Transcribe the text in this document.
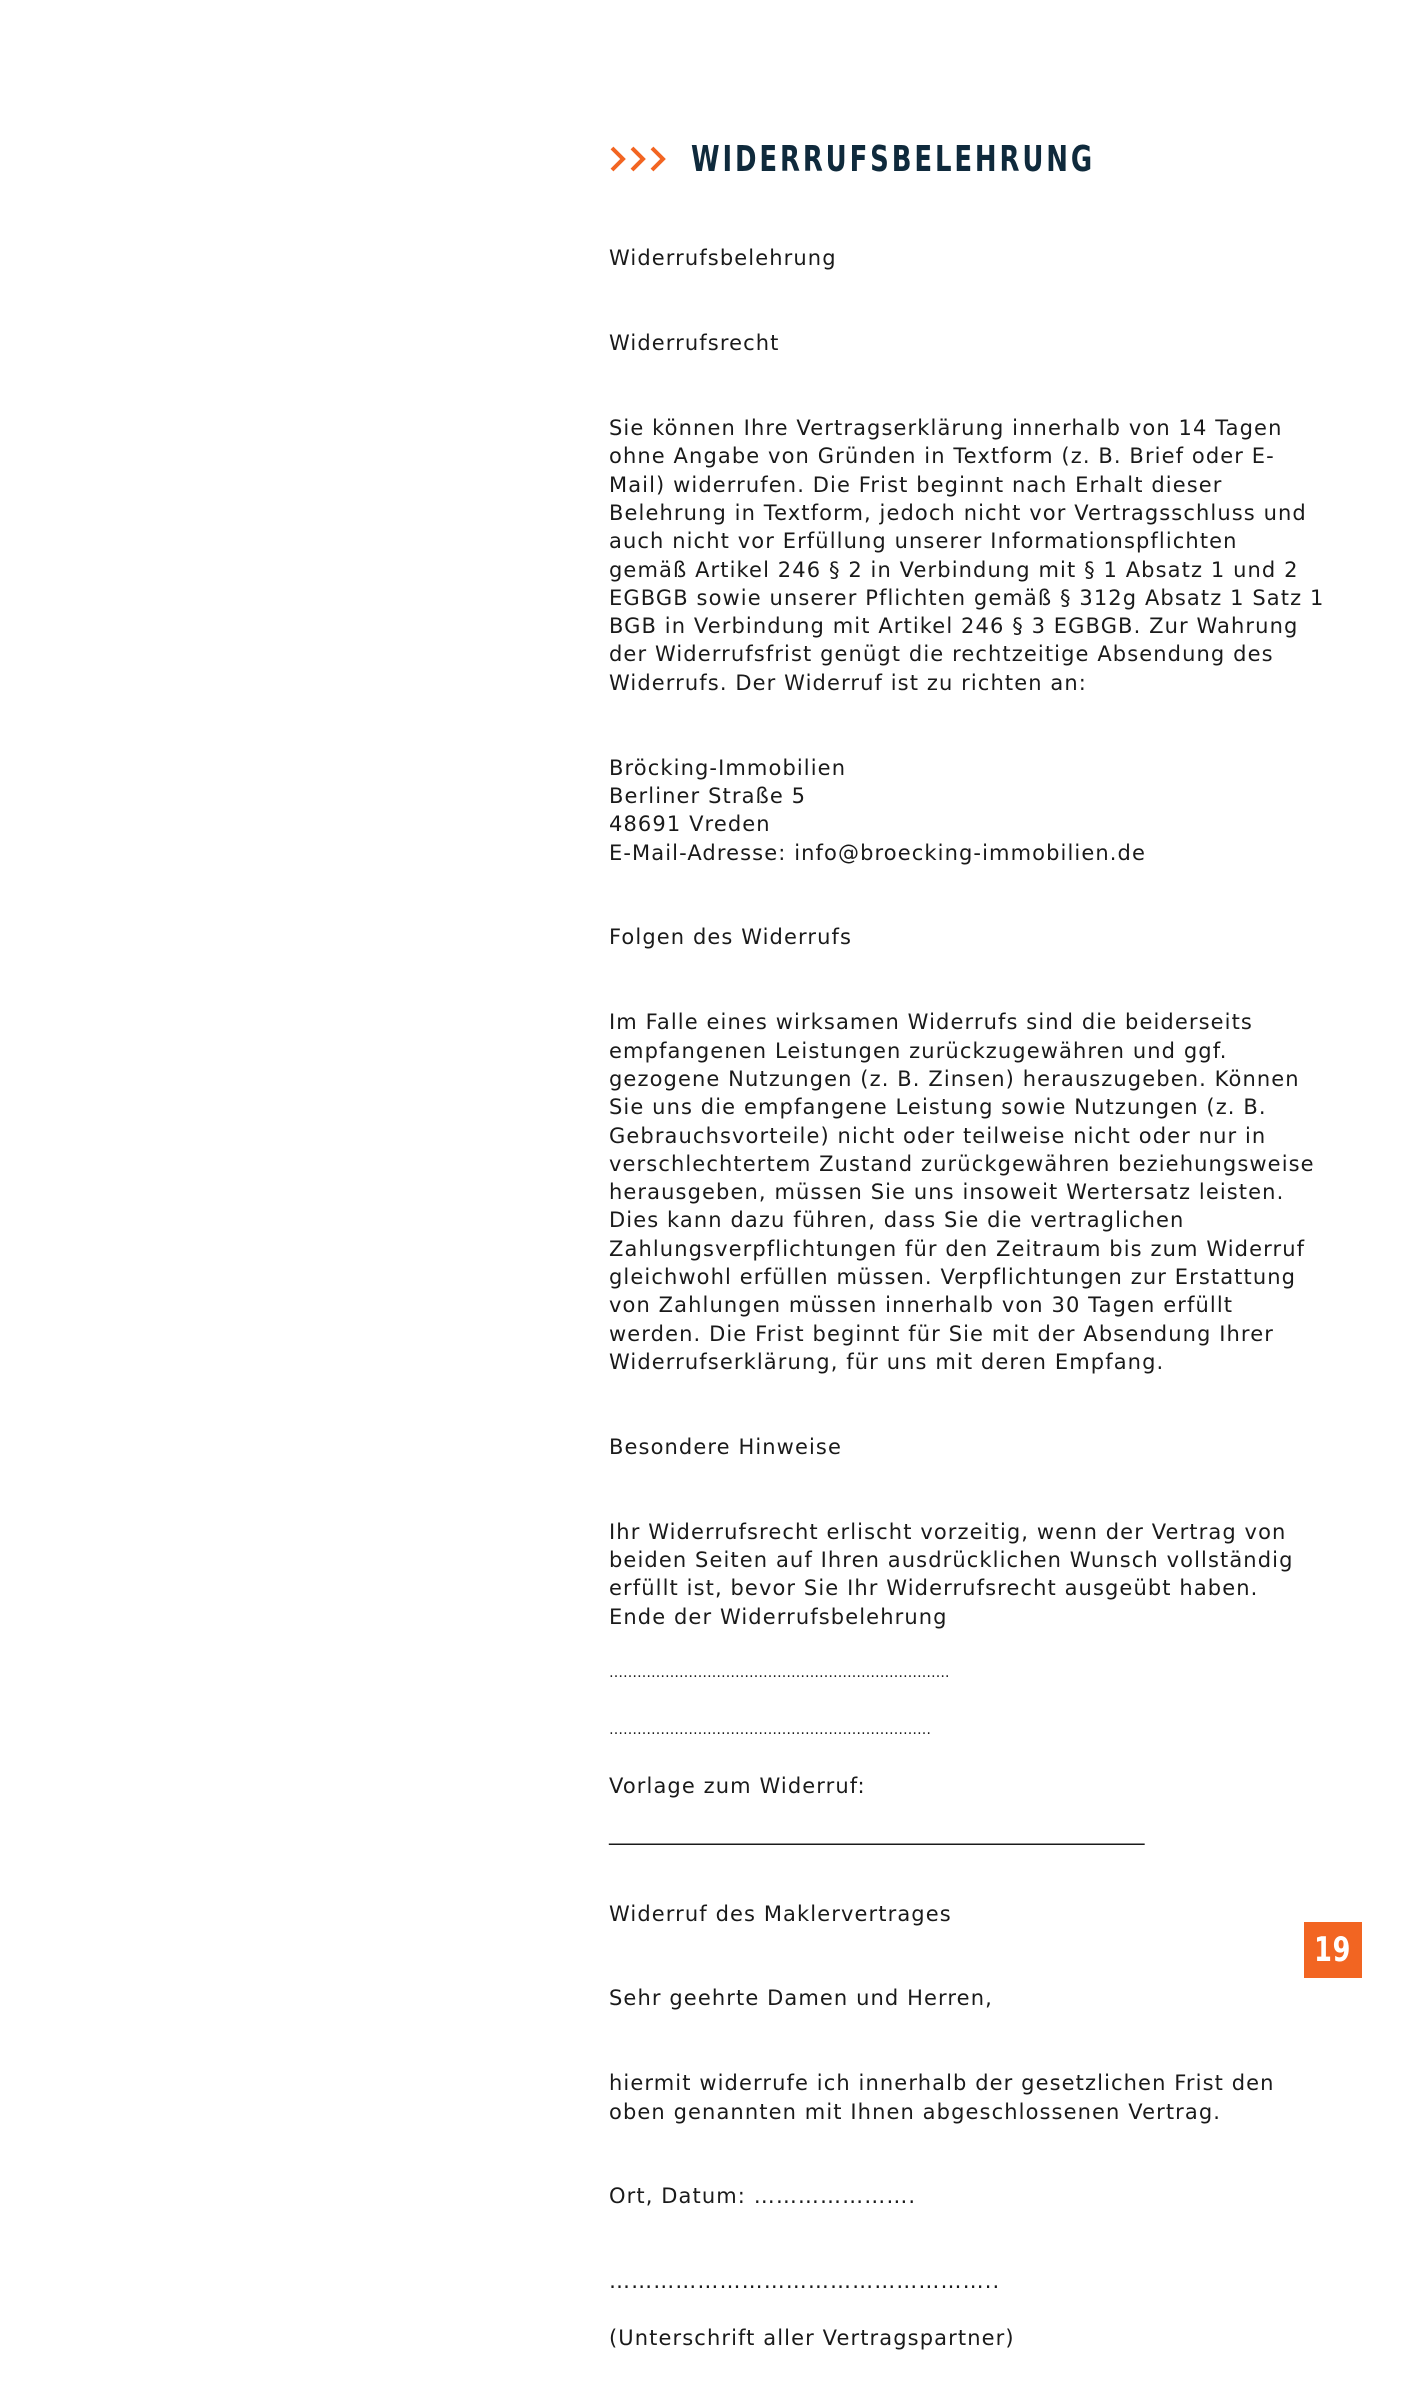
WIDERRUFSBELEHRUNG

Widerrufsbelehrung

Widerrufsrecht

Sie können Ihre Vertragserklärung innerhalb von 14 Tagen
ohne Angabe von Gründen in Textform (z. B. Brief oder E-
Mail) widerrufen. Die Frist beginnt nach Erhalt dieser
Belehrung in Textform, jedoch nicht vor Vertragsschluss und
auch nicht vor Erfüllung unserer Informationspflichten
gemäß Artikel 246 § 2 in Verbindung mit § 1 Absatz 1 und 2
EGBGB sowie unserer Pflichten gemäß § 312g Absatz 1 Satz 1
BGB in Verbindung mit Artikel 246 § 3 EGBGB. Zur Wahrung
der Widerrufsfrist genügt die rechtzeitige Absendung des
Widerrufs. Der Widerruf ist zu richten an:

Bröcking-Immobilien
Berliner Straße 5
48691 Vreden
E-Mail-Adresse: info@broecking-immobilien.de

Folgen des Widerrufs

Im Falle eines wirksamen Widerrufs sind die beiderseits
empfangenen Leistungen zurückzugewähren und ggf.
gezogene Nutzungen (z. B. Zinsen) herauszugeben. Können
Sie uns die empfangene Leistung sowie Nutzungen (z. B.
Gebrauchsvorteile) nicht oder teilweise nicht oder nur in
verschlechtertem Zustand zurückgewähren beziehungsweise
herausgeben, müssen Sie uns insoweit Wertersatz leisten.
Dies kann dazu führen, dass Sie die vertraglichen
Zahlungsverpflichtungen für den Zeitraum bis zum Widerruf
gleichwohl erfüllen müssen. Verpflichtungen zur Erstattung
von Zahlungen müssen innerhalb von 30 Tagen erfüllt
werden. Die Frist beginnt für Sie mit der Absendung Ihrer
Widerrufserklärung, für uns mit deren Empfang.

Besondere Hinweise

Ihr Widerrufsrecht erlischt vorzeitig, wenn der Vertrag von
beiden Seiten auf Ihren ausdrücklichen Wunsch vollständig
erfüllt ist, bevor Sie Ihr Widerrufsrecht ausgeübt haben.
Ende der Widerrufsbelehrung

……………………………………………………………….

……………………………………………………………

Vorlage zum Widerruf:

___________________________________________________

Widerruf des Maklervertrages

Sehr geehrte Damen und Herren,

hiermit widerrufe ich innerhalb der gesetzlichen Frist den
oben genannten mit Ihnen abgeschlossenen Vertrag.

Ort, Datum: ………………….

……………………………………………..

(Unterschrift aller Vertragspartner)

19
